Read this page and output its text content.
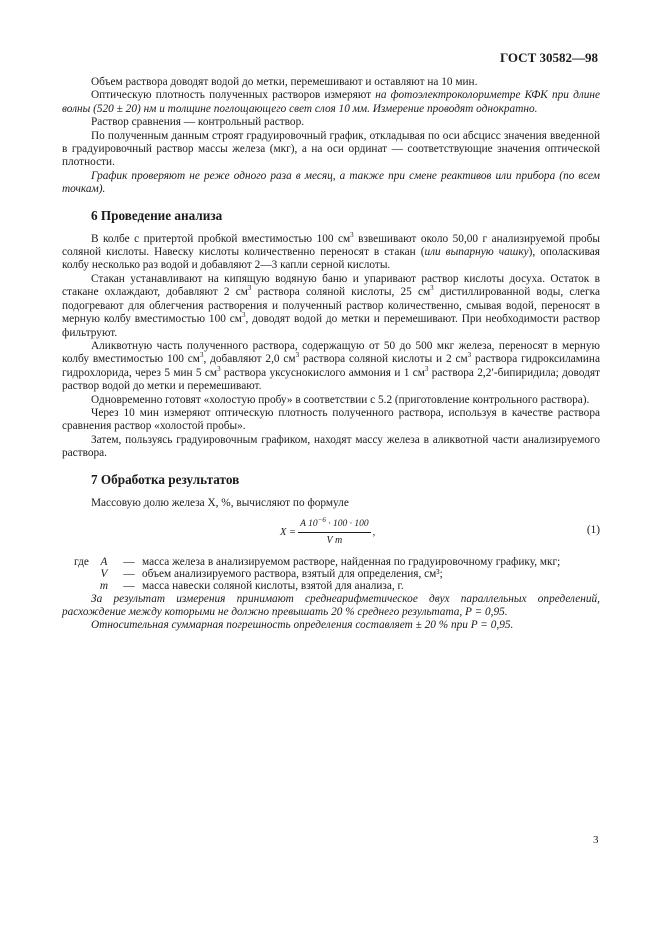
ГОСТ 30582—98

Объем раствора доводят водой до метки, перемешивают и оставляют на 10 мин.

Оптическую плотность полученных растворов измеряют на фотоэлектроколориметре КФК при длине волны (520 ± 20) нм и толщине поглощающего свет слоя 10 мм. Измерение проводят однократно.

Раствор сравнения — контрольный раствор.

По полученным данным строят градуировочный график, откладывая по оси абсцисс значения введенной в градуировочный раствор массы железа (мкг), а на оси ординат — соответствующие значения оптической плотности.

График проверяют не реже одного раза в месяц, а также при смене реактивов или прибора (по всем точкам).

6 Проведение анализа

В колбе с притертой пробкой вместимостью 100 $см^3$ взвешивают около 50,00 г анализируемой пробы соляной кислоты. Навеску кислоты количественно переносят в стакан (или выпарную чашку), ополаскивая колбу несколько раз водой и добавляют 2—3 капли серной кислоты.

Стакан устанавливают на кипящую водяную баню и упаривают раствор кислоты досуха. Остаток в стакане охлаждают, добавляют 2 $см^3$ раствора соляной кислоты, 25 $см^3$ дистиллированной воды, слегка подогревают для облегчения растворения и полученный раствор количественно, смывая водой, переносят в мерную колбу вместимостью 100 $см^3$, доводят водой до метки и перемешивают. При необходимости раствор фильтруют.

Аликвотную часть полученного раствора, содержащую от 50 до 500 мкг железа, переносят в мерную колбу вместимостью 100 $см^3$, добавляют 2,0 $см^3$ раствора соляной кислоты и 2 $см^3$ раствора гидроксиламина гидрохлорида, через 5 мин 5 $см^3$ раствора уксуснокислого аммония и 1 $см^3$ раствора 2,2′-бипиридила; доводят раствор водой до метки и перемешивают.

Одновременно готовят «холостую пробу» в соответствии с 5.2 (приготовление контрольного раствора).

Через 10 мин измеряют оптическую плотность полученного раствора, используя в качестве раствора сравнения раствор «холостой пробы».

Затем, пользуясь градуировочным графиком, находят массу железа в аликвотной части анализируемого раствора.

7 Обработка результатов

Массовую долю железа X, %, вычисляют по формуле

$X = \frac{A 10^{-6} \cdot 100 \cdot 100}{\text{V m}}$ ,	(1)
где	A	—	масса железа в анализируемом растворе, найденная по градуировочному графику, мкг;
	V	—	объем анализируемого раствора, взятый для определения, см³;
	m	—	масса навески соляной кислоты, взятой для анализа, г.

За результат измерения принимают среднеарифметическое двух параллельных определений, расхождение между которыми не должно превышать 20 % среднего результата, P = 0,95.

Относительная суммарная погрешность определения составляет ± 20 % при P = 0,95.

3
